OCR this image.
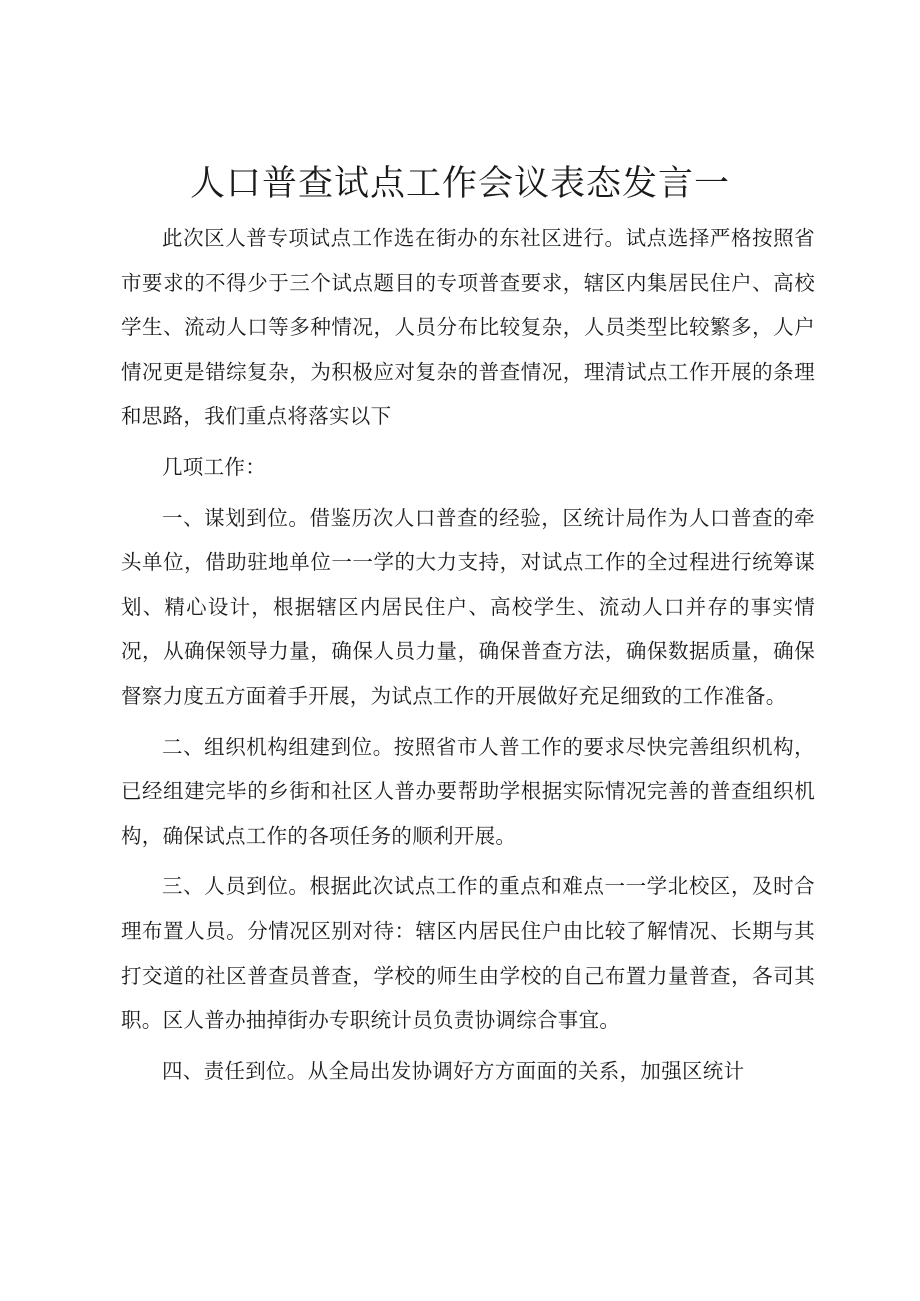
人口普查试点工作会议表态发言一

此次区人普专项试点工作选在街办的东社区进行。试点选择严格按照省市要求的不得少于三个试点题目的专项普查要求，辖区内集居民住户、高校学生、流动人口等多种情况，人员分布比较复杂，人员类型比较繁多，人户情况更是错综复杂，为积极应对复杂的普查情况，理清试点工作开展的条理和思路，我们重点将落实以下

几项工作：

一、谋划到位。借鉴历次人口普查的经验，区统计局作为人口普查的牵头单位，借助驻地单位一一学的大力支持，对试点工作的全过程进行统筹谋划、精心设计，根据辖区内居民住户、高校学生、流动人口并存的事实情况，从确保领导力量，确保人员力量，确保普查方法，确保数据质量，确保督察力度五方面着手开展，为试点工作的开展做好充足细致的工作准备。

二、组织机构组建到位。按照省市人普工作的要求尽快完善组织机构，已经组建完毕的乡街和社区人普办要帮助学根据实际情况完善的普查组织机构，确保试点工作的各项任务的顺利开展。

三、人员到位。根据此次试点工作的重点和难点一一学北校区，及时合理布置人员。分情况区别对待：辖区内居民住户由比较了解情况、长期与其打交道的社区普查员普查，学校的师生由学校的自己布置力量普查，各司其职。区人普办抽掉街办专职统计员负责协调综合事宜。

四、责任到位。从全局出发协调好方方面面的关系，加强区统计
